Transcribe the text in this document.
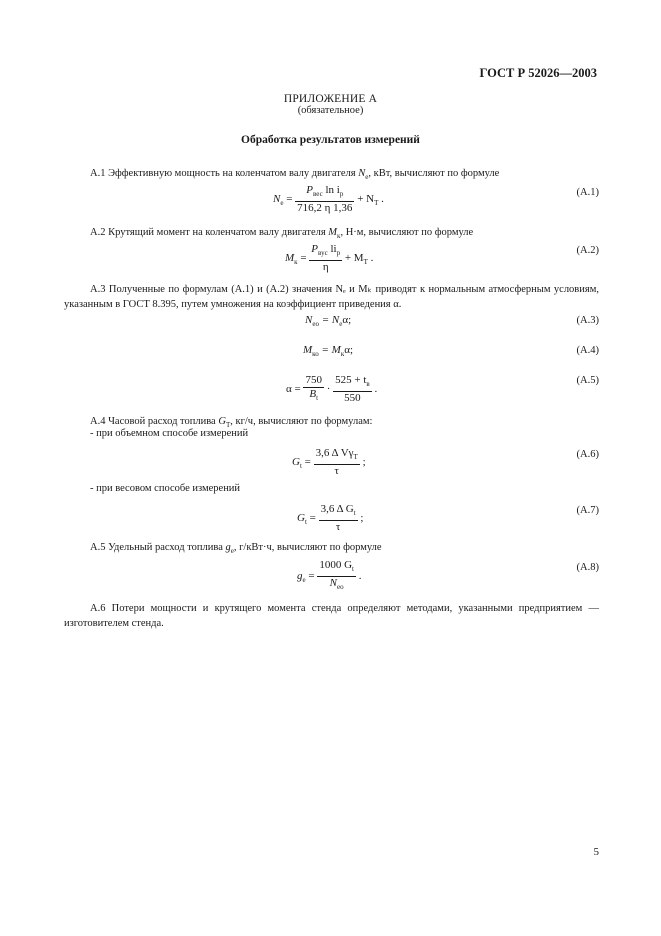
ГОСТ Р 52026—2003
ПРИЛОЖЕНИЕ А
(обязательное)
Обработка результатов измерений
А.1 Эффективную мощность на коленчатом валу двигателя $N_e$, кВт, вычисляют по формуле
$N_e = \frac{P_{вес} \ln i_р}{716,2 \eta 1,36} + N_T$ .
(А.1)
А.2 Крутящий момент на коленчатом валу двигателя $M_к$, Н·м, вычисляют по формуле
$M_к = \frac{P_{вус} li_р}{\eta} + M_T$ .
(А.2)
А.3 Полученные по формулам (А.1) и (А.2) значения Nₑ и Mₖ приводят к нормальным атмосферным условиям, указанным в ГОСТ 8.395, путем умножения на коэффициент приведения α.
$N_{eo} = N_e\alpha$;	(А.3)
$M_{ко} = M_к\alpha$;	(А.4)
$\alpha = \frac{750}{B_t} \cdot \frac{525 + t_в}{550}$ .
(А.5)
А.4 Часовой расход топлива $G_T$, кг/ч, вычисляют по формулам:
- при объемном способе измерений
$G_t = \frac{3,6 \Delta V\gamma_T}{\tau}$ ;
(А.6)
- при весовом способе измерений
$G_t = \frac{3,6 \Delta G_t}{\tau}$ ;
(А.7)
А.5 Удельный расход топлива $g_e$, г/кВт·ч, вычисляют по формуле
$g_e = \frac{1000 G_t}{N_{eo}}$ .
(А.8)
А.6 Потери мощности и крутящего момента стенда определяют методами, указанными предприятием — изготовителем стенда.
5
